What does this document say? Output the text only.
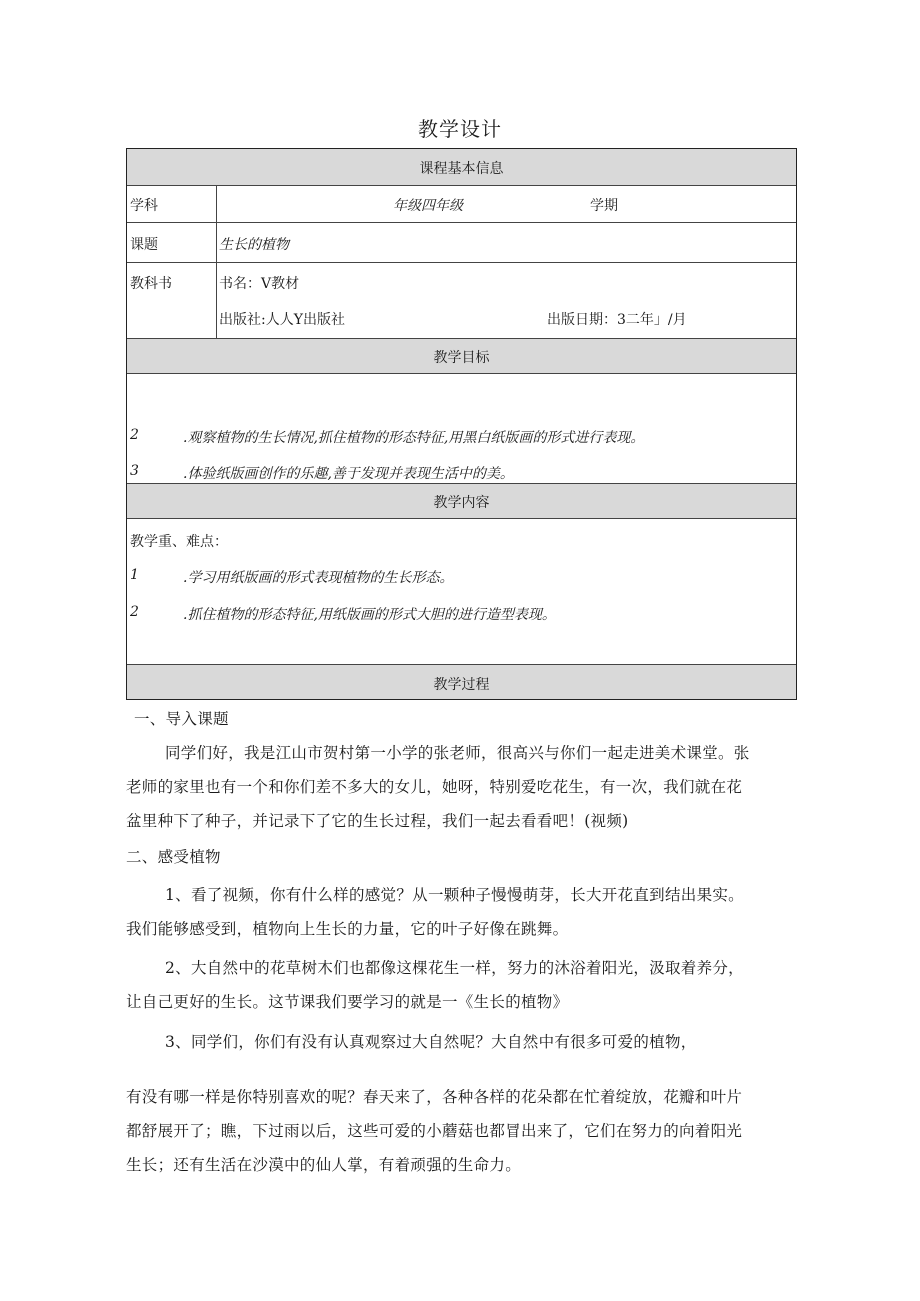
教学设计
课程基本信息
学科	年级四年级	学期
课题	生长的植物
教科书	书名：V教材
出版社:人人Y出版社	出版日期：3二年」/月
教学目标
2	.观察植物的生长情况,抓住植物的形态特征,用黑白纸版画的形式进行表现。
3	.体验纸版画创作的乐趣,善于发现并表现生活中的美。
教学内容
教学重、难点：
1	.学习用纸版画的形式表现植物的生长形态。
2	.抓住植物的形态特征,用纸版画的形式大胆的进行造型表现。
教学过程
一、导入课题
同学们好，我是江山市贺村第一小学的张老师，很高兴与你们一起走进美术课堂。张
老师的家里也有一个和你们差不多大的女儿，她呀，特别爱吃花生，有一次，我们就在花
盆里种下了种子，并记录下了它的生长过程，我们一起去看看吧！(视频)
二、感受植物
1、看了视频，你有什么样的感觉？从一颗种子慢慢萌芽，长大开花直到结出果实。
我们能够感受到，植物向上生长的力量，它的叶子好像在跳舞。
2、大自然中的花草树木们也都像这棵花生一样，努力的沐浴着阳光，汲取着养分，
让自己更好的生长。这节课我们要学习的就是一《生长的植物》
3、同学们，你们有没有认真观察过大自然呢？大自然中有很多可爱的植物，
有没有哪一样是你特别喜欢的呢？春天来了，各种各样的花朵都在忙着绽放，花瓣和叶片
都舒展开了；瞧，下过雨以后，这些可爱的小蘑菇也都冒出来了，它们在努力的向着阳光
生长；还有生活在沙漠中的仙人掌，有着顽强的生命力。
